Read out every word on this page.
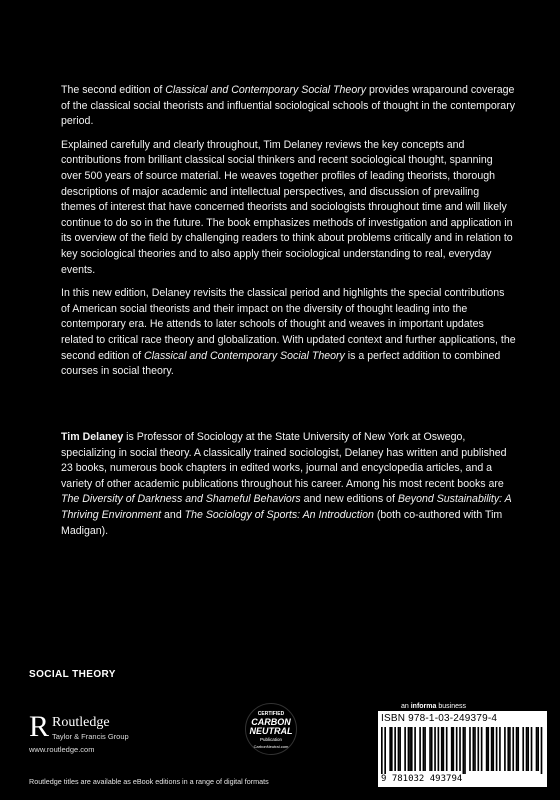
The second edition of Classical and Contemporary Social Theory provides wraparound coverage of the classical social theorists and influential sociological schools of thought in the contemporary period.

Explained carefully and clearly throughout, Tim Delaney reviews the key concepts and contributions from brilliant classical social thinkers and recent sociological thought, spanning over 500 years of source material. He weaves together profiles of leading theorists, thorough descriptions of major academic and intellectual perspectives, and discussion of prevailing themes of interest that have concerned theorists and sociologists throughout time and will likely continue to do so in the future. The book emphasizes methods of investigation and application in its overview of the field by challenging readers to think about problems critically and in relation to key sociological theories and to also apply their sociological understanding to real, everyday events.

In this new edition, Delaney revisits the classical period and highlights the special contributions of American social theorists and their impact on the diversity of thought leading into the contemporary era. He attends to later schools of thought and weaves in important updates related to critical race theory and globalization. With updated context and further applications, the second edition of Classical and Contemporary Social Theory is a perfect addition to combined courses in social theory.

Tim Delaney is Professor of Sociology at the State University of New York at Oswego, specializing in social theory. A classically trained sociologist, Delaney has written and published 23 books, numerous book chapters in edited works, journal and encyclopedia articles, and a variety of other academic publications throughout his career. Among his most recent books are The Diversity of Darkness and Shameful Behaviors and new editions of Beyond Sustainability: A Thriving Environment and The Sociology of Sports: An Introduction (both co-authored with Tim Madigan).

SOCIAL THEORY
R Routledge
Taylor & Francis Group
www.routledge.com
CERTIFIED
CARBON
NEUTRAL
Publication
CarbonNeutral.com
an informa business
ISBN 978-1-03-249379-4
9 781032 493794
Routledge titles are available as eBook editions in a range of digital formats
